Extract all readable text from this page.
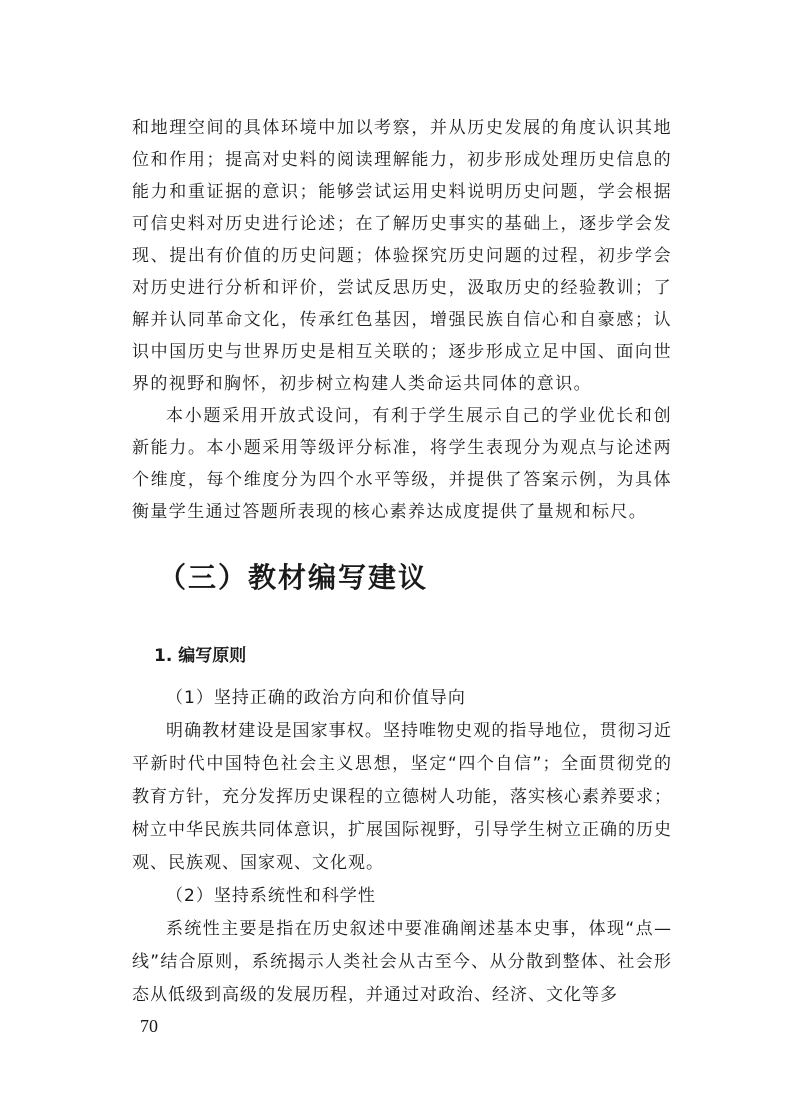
和地理空间的具体环境中加以考察，并从历史发展的角度认识其地位和作用；提高对史料的阅读理解能力，初步形成处理历史信息的能力和重证据的意识；能够尝试运用史料说明历史问题，学会根据可信史料对历史进行论述；在了解历史事实的基础上，逐步学会发现、提出有价值的历史问题；体验探究历史问题的过程，初步学会对历史进行分析和评价，尝试反思历史，汲取历史的经验教训；了解并认同革命文化，传承红色基因，增强民族自信心和自豪感；认识中国历史与世界历史是相互关联的；逐步形成立足中国、面向世界的视野和胸怀，初步树立构建人类命运共同体的意识。

本小题采用开放式设问，有利于学生展示自己的学业优长和创新能力。本小题采用等级评分标准，将学生表现分为观点与论述两个维度，每个维度分为四个水平等级，并提供了答案示例，为具体衡量学生通过答题所表现的核心素养达成度提供了量规和标尺。

（三）教材编写建议
1. 编写原则

（1）坚持正确的政治方向和价值导向

明确教材建设是国家事权。坚持唯物史观的指导地位，贯彻习近平新时代中国特色社会主义思想，坚定“四个自信”；全面贯彻党的教育方针，充分发挥历史课程的立德树人功能，落实核心素养要求；树立中华民族共同体意识，扩展国际视野，引导学生树立正确的历史观、民族观、国家观、文化观。

（2）坚持系统性和科学性

系统性主要是指在历史叙述中要准确阐述基本史事，体现“点—线”结合原则，系统揭示人类社会从古至今、从分散到整体、社会形态从低级到高级的发展历程，并通过对政治、经济、文化等多

70
